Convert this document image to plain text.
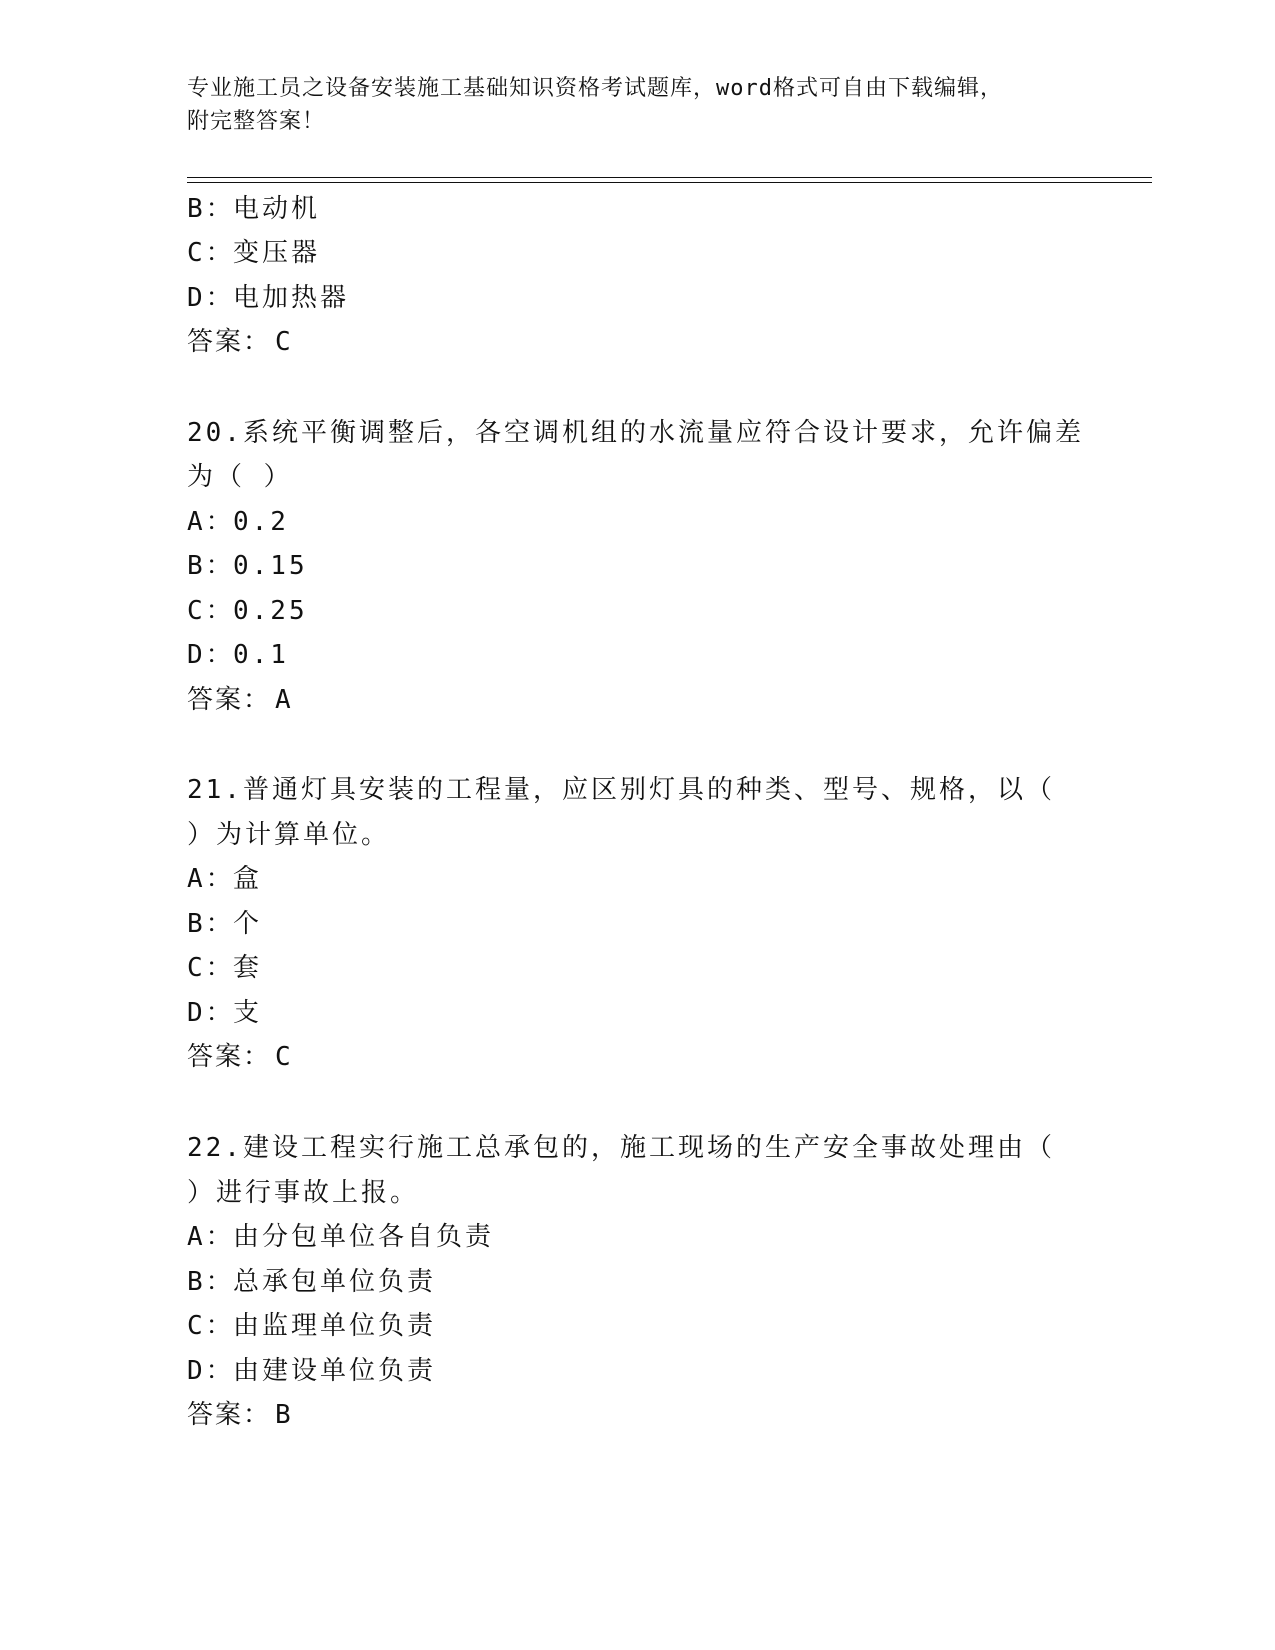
专业施工员之设备安装施工基础知识资格考试题库，word格式可自由下载编辑，
附完整答案！
B：电动机
C：变压器
D：电加热器
答案： C
20.系统平衡调整后，各空调机组的水流量应符合设计要求，允许偏差
为（ ）
A：0.2
B：0.15
C：0.25
D：0.1
答案： A
21.普通灯具安装的工程量，应区别灯具的种类、型号、规格，以（
）为计算单位。
A：盒
B：个
C：套
D：支
答案： C
22.建设工程实行施工总承包的，施工现场的生产安全事故处理由（
）进行事故上报。
A：由分包单位各自负责
B：总承包单位负责
C：由监理单位负责
D：由建设单位负责
答案： B
